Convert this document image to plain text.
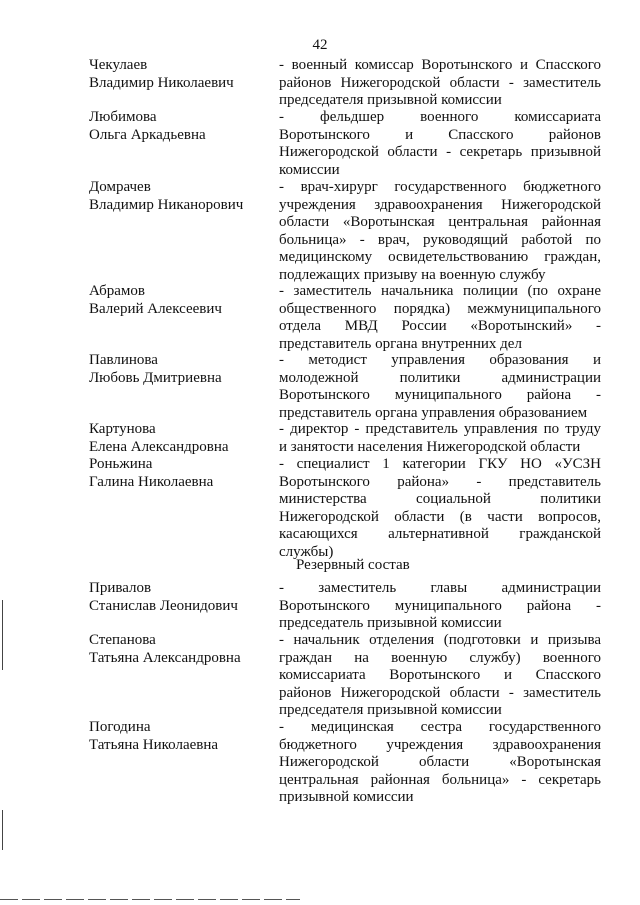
42
Чекулаев
Владимир Николаевич
- военный комиссар Воротынского и Спасского
районов Нижегородской области - заместитель
председателя призывной комиссии
Любимова
Ольга Аркадьевна
- фельдшер военного комиссариата
Воротынского и Спасского районов
Нижегородской области - секретарь призывной
комиссии
Домрачев
Владимир Никанорович
- врач-хирург государственного бюджетного
учреждения здравоохранения Нижегородской
области «Воротынская центральная районная
больница» - врач, руководящий работой по
медицинскому освидетельствованию граждан,
подлежащих призыву на военную службу
Абрамов
Валерий Алексеевич
- заместитель начальника полиции (по охране
общественного порядка) межмуниципального
отдела МВД России «Воротынский» -
представитель органа внутренних дел
Павлинова
Любовь Дмитриевна
- методист управления образования и
молодежной политики администрации
Воротынского муниципального района -
представитель органа управления образованием
Картунова
Елена Александровна
- директор - представитель управления по труду
и занятости населения Нижегородской области
Роньжина
Галина Николаевна
- специалист 1 категории ГКУ НО «УСЗН
Воротынского района» - представитель
министерства социальной политики
Нижегородской области (в части вопросов,
касающихся альтернативной гражданской
службы)
Резервный состав
Привалов
Станислав Леонидович
- заместитель главы администрации
Воротынского муниципального района -
председатель призывной комиссии
Степанова
Татьяна Александровна
- начальник отделения (подготовки и призыва
граждан на военную службу) военного
комиссариата Воротынского и Спасского
районов Нижегородской области - заместитель
председателя призывной комиссии
Погодина
Татьяна Николаевна
- медицинская сестра государственного
бюджетного учреждения здравоохранения
Нижегородской области «Воротынская
центральная районная больница» - секретарь
призывной комиссии
